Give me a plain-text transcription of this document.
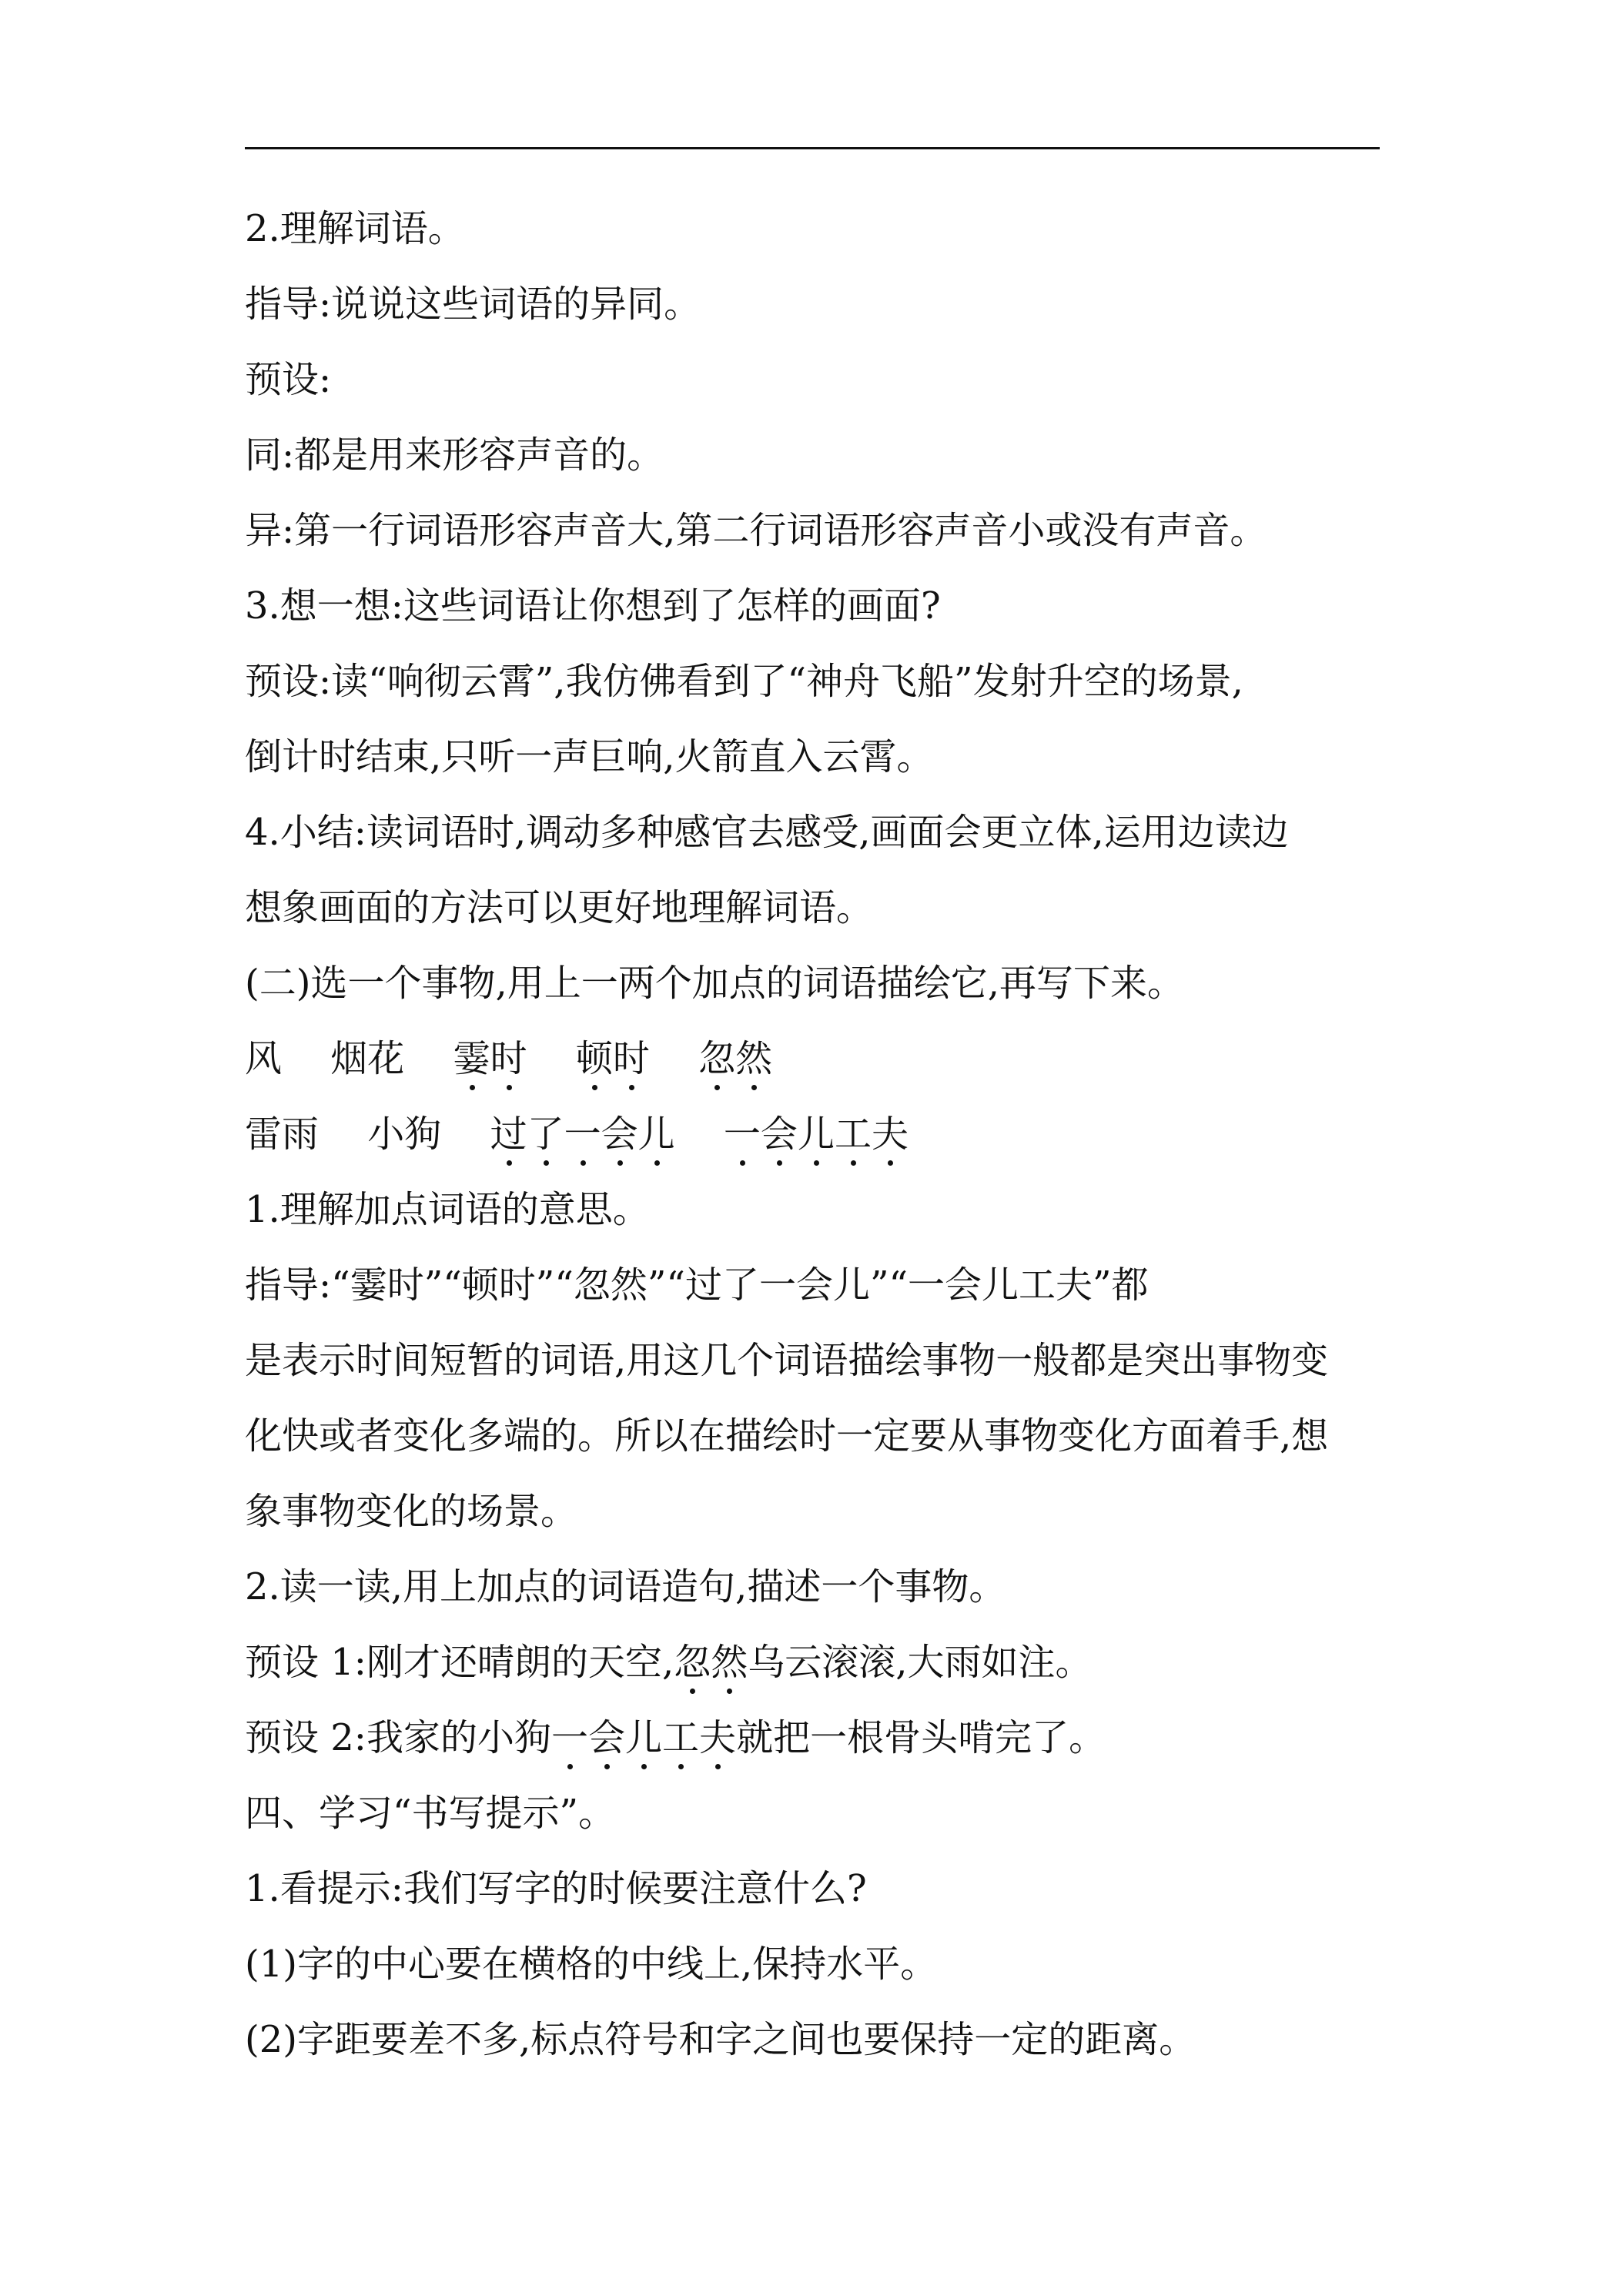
2.理解词语。
指导:说说这些词语的异同。
预设:
同:都是用来形容声音的。
异:第一行词语形容声音大,第二行词语形容声音小或没有声音。
3.想一想:这些词语让你想到了怎样的画面?
预设:读“响彻云霄”,我仿佛看到了“神舟飞船”发射升空的场景,
倒计时结束,只听一声巨响,火箭直入云霄。
4.小结:读词语时,调动多种感官去感受,画面会更立体,运用边读边
想象画面的方法可以更好地理解词语。
(二)选一个事物,用上一两个加点的词语描绘它,再写下来。
风 烟花 霎时 顿时 忽然
雷雨 小狗 过了一会儿 一会儿工夫
1.理解加点词语的意思。
指导:“霎时”“顿时”“忽然”“过了一会儿”“一会儿工夫”都
是表示时间短暂的词语,用这几个词语描绘事物一般都是突出事物变
化快或者变化多端的。所以在描绘时一定要从事物变化方面着手,想
象事物变化的场景。
2.读一读,用上加点的词语造句,描述一个事物。
预设 1:刚才还晴朗的天空,忽然乌云滚滚,大雨如注。
预设 2:我家的小狗一会儿工夫就把一根骨头啃完了。
四、学习“书写提示”。
1.看提示:我们写字的时候要注意什么?
(1)字的中心要在横格的中线上,保持水平。
(2)字距要差不多,标点符号和字之间也要保持一定的距离。
